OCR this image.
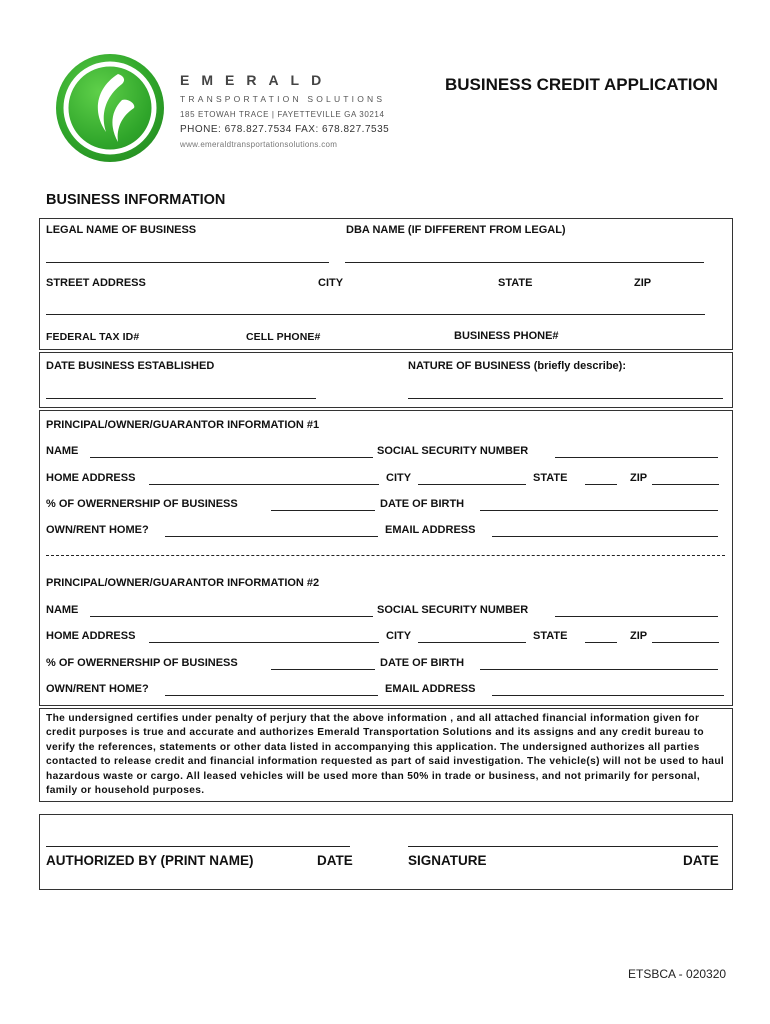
EMERALD
TRANSPORTATION SOLUTIONS
185 ETOWAH TRACE | FAYETTEVILLE GA 30214
PHONE: 678.827.7534 FAX: 678.827.7535
www.emeraldtransportationsolutions.com
BUSINESS CREDIT APPLICATION
BUSINESS INFORMATION
LEGAL NAME OF BUSINESS	DBA NAME (IF DIFFERENT FROM LEGAL)
STREET ADDRESS	CITY	STATE	ZIP
FEDERAL TAX ID#	CELL PHONE#	BUSINESS PHONE#
DATE BUSINESS ESTABLISHED	NATURE OF BUSINESS (briefly describe):
PRINCIPAL/OWNER/GUARANTOR INFORMATION #1
NAME	SOCIAL SECURITY NUMBER
HOME ADDRESS	CITY	STATE	ZIP
% OF OWERNERSHIP OF BUSINESS	DATE OF BIRTH
OWN/RENT HOME?	EMAIL ADDRESS
PRINCIPAL/OWNER/GUARANTOR INFORMATION #2
NAME	SOCIAL SECURITY NUMBER
HOME ADDRESS	CITY	STATE	ZIP
% OF OWERNERSHIP OF BUSINESS	DATE OF BIRTH
OWN/RENT HOME?	EMAIL ADDRESS
The undersigned certifies under penalty of perjury that the above information , and all attached financial information given for credit purposes is true and accurate and authorizes Emerald Transportation Solutions and its assigns and any credit bureau to verify the references, statements or other data listed in accompanying this application. The undersigned authorizes all parties contacted to release credit and financial information requested as part of said investigation. The vehicle(s) will not be used to haul hazardous waste or cargo. All leased vehicles will be used more than 50% in trade or business, and not primarily for personal, family or household purposes.
AUTHORIZED BY (PRINT NAME)	DATE	SIGNATURE	DATE
ETSBCA - 020320
